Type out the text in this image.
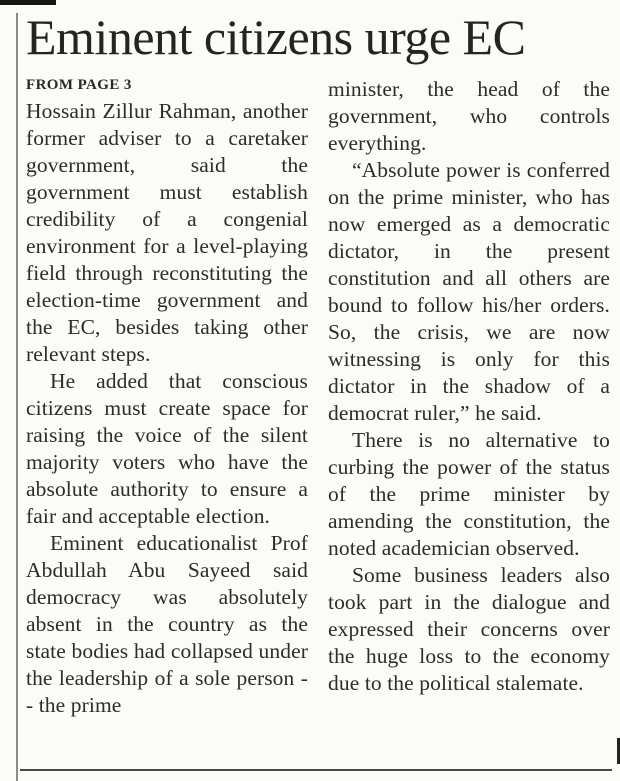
Eminent citizens urge EC
FROM PAGE 3

Hossain Zillur Rahman, another former adviser to a caretaker government, said the government must establish credibility of a congenial environment for a level-playing field through reconstituting the election-time government and the EC, besides taking other relevant steps.

He added that conscious citizens must create space for raising the voice of the silent majority voters who have the absolute authority to ensure a fair and acceptable election.

Eminent educationalist Prof Abdullah Abu Sayeed said democracy was absolutely absent in the country as the state bodies had collapsed under the leadership of a sole person -- the prime

minister, the head of the government, who controls everything.

“Absolute power is conferred on the prime minister, who has now emerged as a democratic dictator, in the present constitution and all others are bound to follow his/her orders. So, the crisis, we are now witnessing is only for this dictator in the shadow of a democrat ruler,” he said.

There is no alternative to curbing the power of the status of the prime minister by amending the constitution, the noted academician observed.

Some business leaders also took part in the dialogue and expressed their concerns over the huge loss to the economy due to the political stalemate.
